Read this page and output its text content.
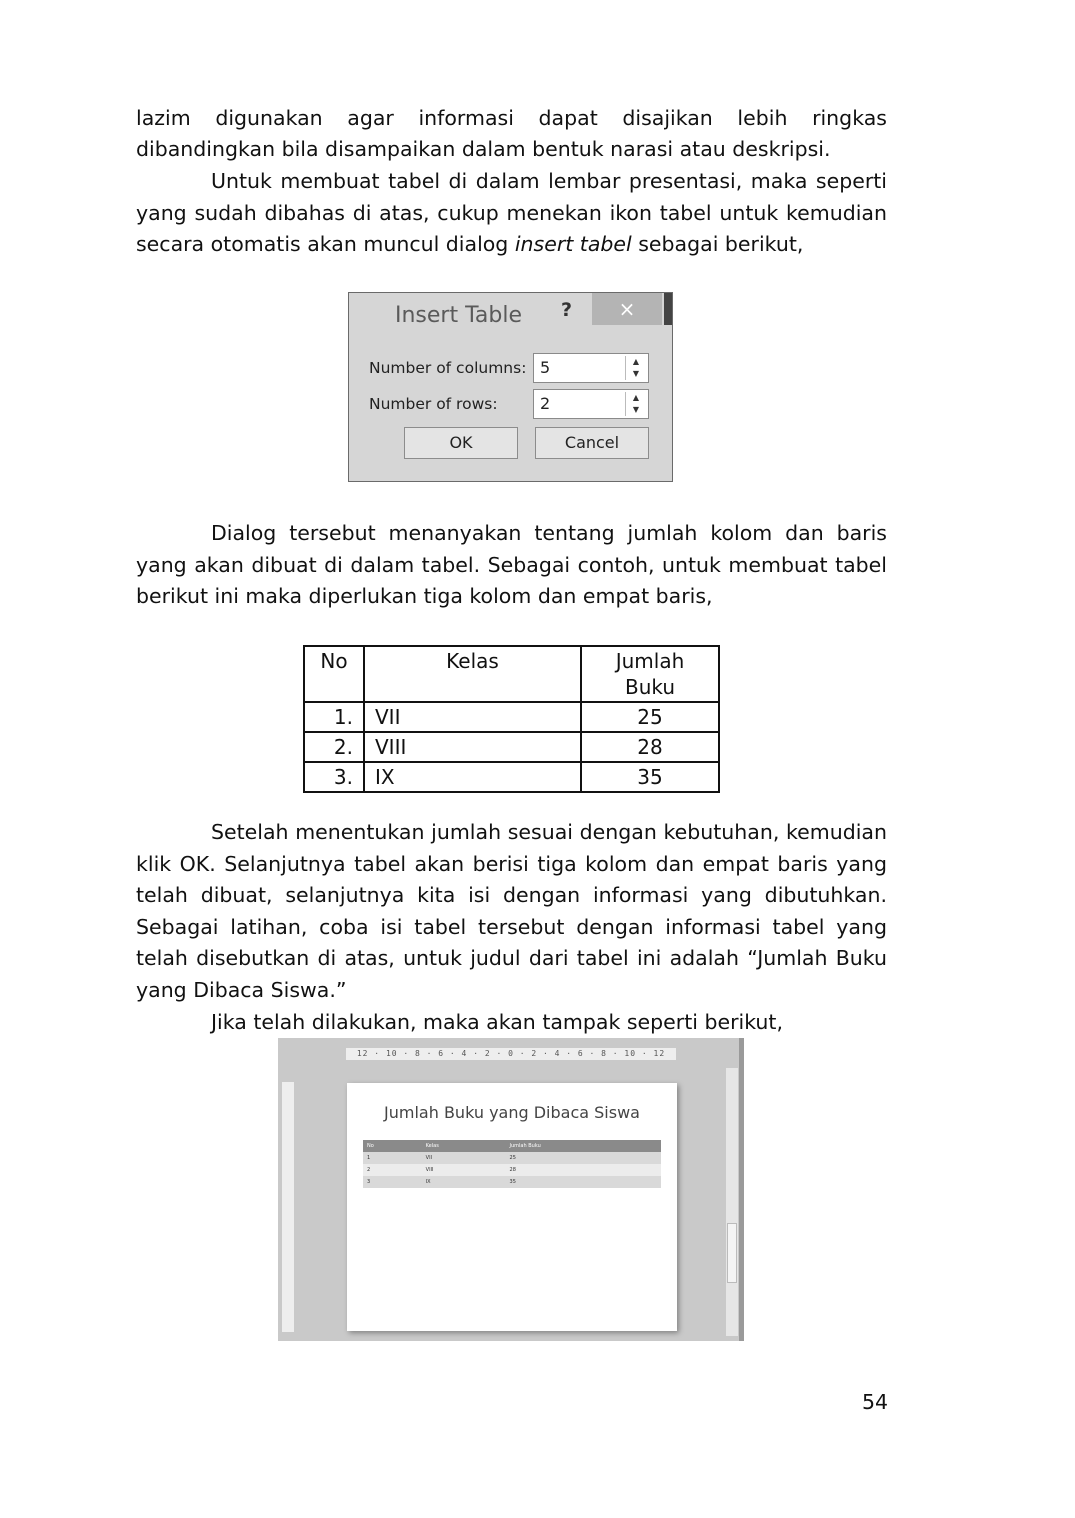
lazim digunakan agar informasi dapat disajikan lebih ringkas
dibandingkan bila disampaikan dalam bentuk narasi atau deskripsi.

Untuk membuat tabel di dalam lembar presentasi, maka seperti yang sudah dibahas di atas, cukup menekan ikon tabel untuk kemudian secara otomatis akan muncul dialog insert tabel sebagai berikut,

Insert Table ?	×
Number of columns: 5	▲
▼
Number of rows:	2	▲
▼
OK	Cancel

Dialog tersebut menanyakan tentang jumlah kolom dan baris yang akan dibuat di dalam tabel. Sebagai contoh, untuk membuat tabel berikut ini maka diperlukan tiga kolom dan empat baris,

No	Kelas	Jumlah Buku

1.	VII	25
2.	VIII	28
3.	IX	35

Setelah menentukan jumlah sesuai dengan kebutuhan, kemudian klik OK. Selanjutnya tabel akan berisi tiga kolom dan empat baris yang telah dibuat, selanjutnya kita isi dengan informasi yang dibutuhkan. Sebagai latihan, coba isi tabel tersebut dengan informasi tabel yang telah disebutkan di atas, untuk judul dari tabel ini adalah “Jumlah Buku yang Dibaca Siswa.”

Jika telah dilakukan, maka akan tampak seperti berikut,
12 · 10 · 8 · 6 · 4 · 2 · 0 · 2 · 4 · 6 · 8 · 10 · 12
Jumlah Buku yang Dibaca Siswa
No	Kelas	Jumlah Buku
1	VII	25
2	VIII	28
3	IX	35
54
